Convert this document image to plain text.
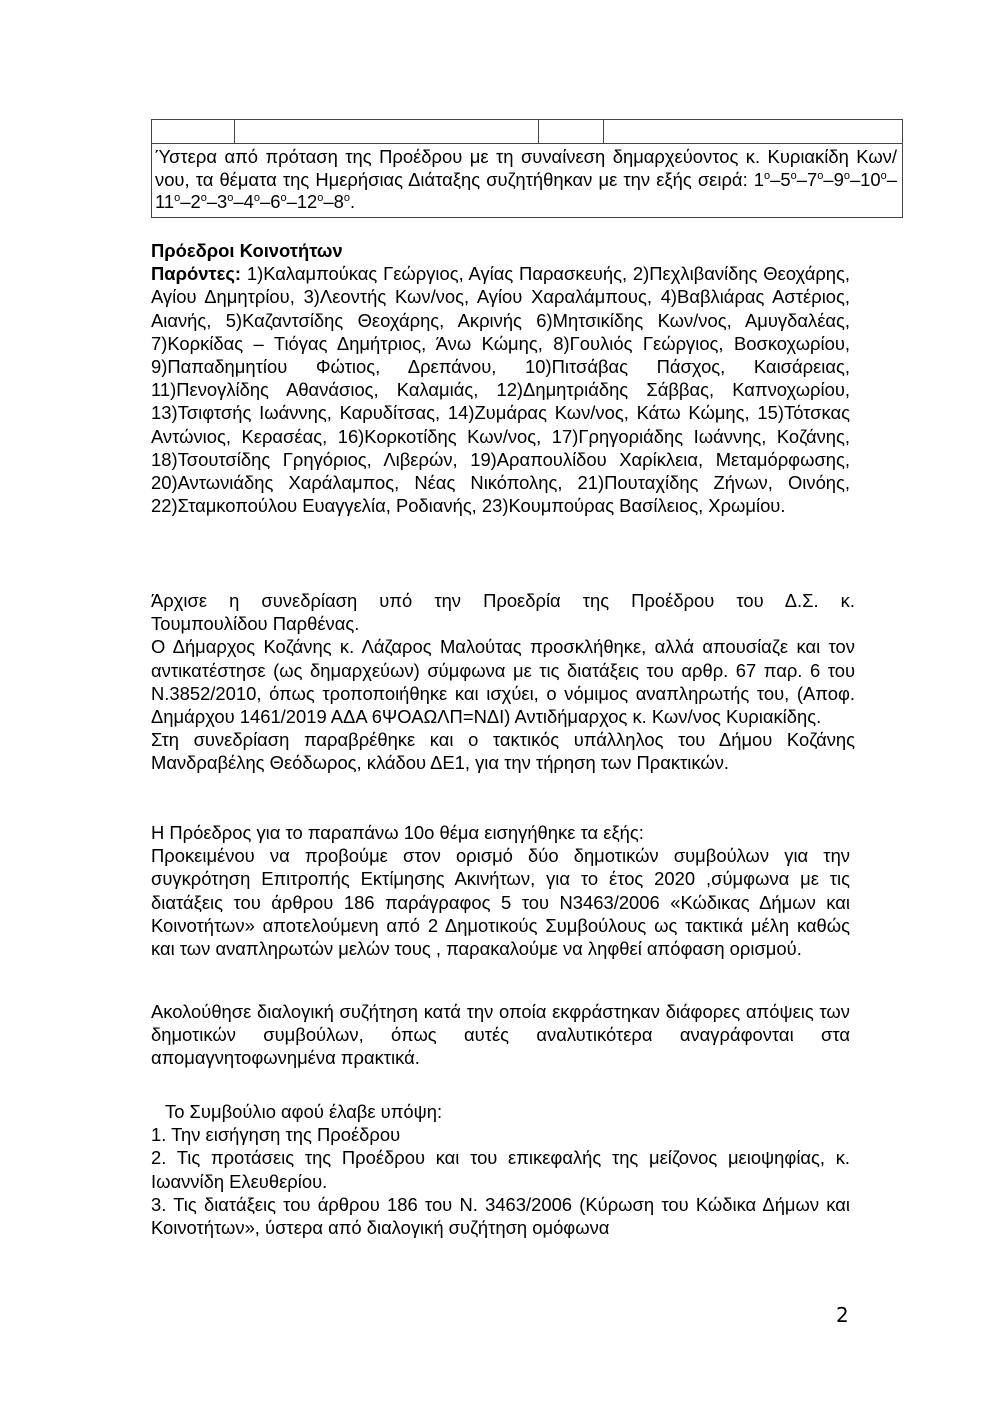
Ύστερα από πρόταση της Προέδρου με τη συναίνεση δημαρχεύοντος κ. Κυριακίδη Κων/νου, τα θέματα της Ημερήσιας Διάταξης συζητήθηκαν με την εξής σειρά: $1^o-5^o-7^o-9^o-10^o-11^o-2^o-3^o-4^o-6^o-12^o-8^o$.

Πρόεδροι Κοινοτήτων

Παρόντες: 1)Καλαμπούκας Γεώργιος, Αγίας Παρασκευής, 2)Πεχλιβανίδης Θεοχάρης, Αγίου Δημητρίου, 3)Λεοντής Κων/νος, Αγίου Χαραλάμπους, 4)Βαβλιάρας Αστέριος, Αιανής, 5)Καζαντσίδης Θεοχάρης, Ακρινής 6)Μητσικίδης Κων/νος, Αμυγδαλέας, 7)Κορκίδας – Τιόγας Δημήτριος, Άνω Κώμης, 8)Γουλιός Γεώργιος, Βοσκοχωρίου, 9)Παπαδημητίου Φώτιος, Δρεπάνου, 10)Πιτσάβας Πάσχος, Καισάρειας, 11)Πενογλίδης Αθανάσιος, Καλαμιάς, 12)Δημητριάδης Σάββας, Καπνοχωρίου, 13)Τσιφτσής Ιωάννης, Καρυδίτσας, 14)Ζυμάρας Κων/νος, Κάτω Κώμης, 15)Τότσκας Αντώνιος, Κερασέας, 16)Κορκοτίδης Κων/νος, 17)Γρηγοριάδης Ιωάννης, Κοζάνης, 18)Τσουτσίδης Γρηγόριος, Λιβερών, 19)Αραπουλίδου Χαρίκλεια, Μεταμόρφωσης, 20)Αντωνιάδης Χαράλαμπος, Νέας Νικόπολης, 21)Πουταχίδης Ζήνων, Οινόης, 22)Σταμκοπούλου Ευαγγελία, Ροδιανής, 23)Κουμπούρας Βασίλειος, Χρωμίου.

Άρχισε η συνεδρίαση υπό την Προεδρία της Προέδρου του Δ.Σ. κ.

Τουμπουλίδου Παρθένας.

Ο Δήμαρχος Κοζάνης κ. Λάζαρος Μαλούτας προσκλήθηκε, αλλά απουσίαζε και τον αντικατέστησε (ως δημαρχεύων) σύμφωνα με τις διατάξεις του αρθρ. 67 παρ. 6 του Ν.3852/2010, όπως τροποποιήθηκε και ισχύει, ο νόμιμος αναπληρωτής του, (Αποφ. Δημάρχου 1461/2019 ΑΔΑ 6ΨΟΑΩΛΠ=ΝΔΙ) Αντιδήμαρχος κ. Κων/νος Κυριακίδης.

Στη συνεδρίαση παραβρέθηκε και ο τακτικός υπάλληλος του Δήμου Κοζάνης Μανδραβέλης Θεόδωρος, κλάδου ΔΕ1, για την τήρηση των Πρακτικών.

Η Πρόεδρος για το παραπάνω 10ο θέμα εισηγήθηκε τα εξής:

Προκειμένου να προβούμε στον ορισμό δύο δημοτικών συμβούλων για την συγκρότηση Επιτροπής Εκτίμησης Ακινήτων, για το έτος 2020 ,σύμφωνα με τις διατάξεις του άρθρου 186 παράγραφος 5 του Ν3463/2006 «Κώδικας Δήμων και Κοινοτήτων» αποτελούμενη από 2 Δημοτικούς Συμβούλους ως τακτικά μέλη καθώς και των αναπληρωτών μελών τους , παρακαλούμε να ληφθεί απόφαση ορισμού.

Ακολούθησε διαλογική συζήτηση κατά την οποία εκφράστηκαν διάφορες απόψεις των δημοτικών συμβούλων, όπως αυτές αναλυτικότερα αναγράφονται στα απομαγνητοφωνημένα πρακτικά.

Το Συμβούλιο αφού έλαβε υπόψη:

1. Την εισήγηση της Προέδρου

2. Τις προτάσεις της Προέδρου και του επικεφαλής της μείζονος μειοψηφίας, κ. Ιωαννίδη Ελευθερίου.

3. Τις διατάξεις του άρθρου 186 του Ν. 3463/2006 (Κύρωση του Κώδικα Δήμων και Κοινοτήτων», ύστερα από διαλογική συζήτηση ομόφωνα

2
